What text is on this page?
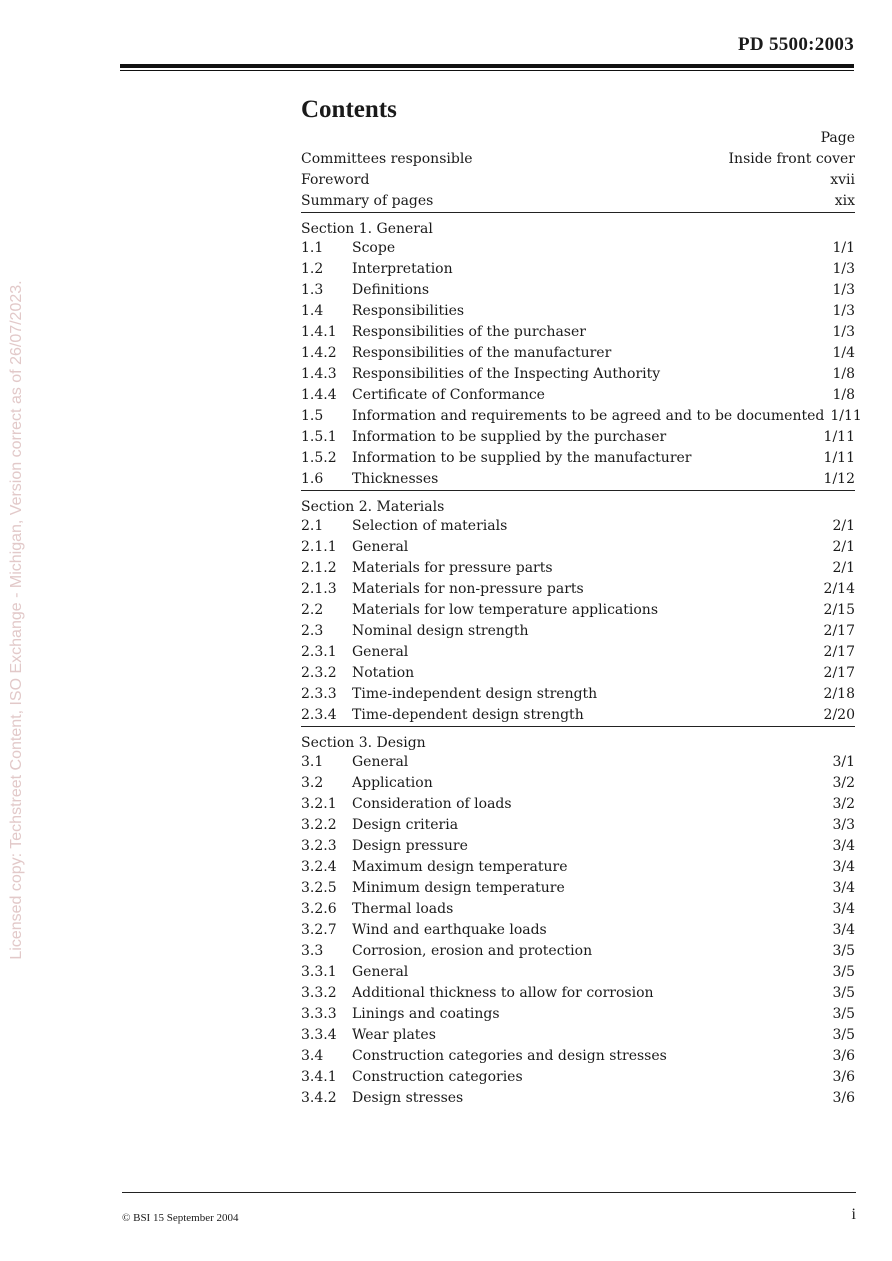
PD 5500:2003
Licensed copy: Techstreet Content, ISO Exchange - Michigan, Version correct as of 26/07/2023.
Contents
Page
Committees responsible	Inside front cover
Foreword	xvii
Summary of pages	xix
Section 1. General
1.1	Scope	1/1
1.2	Interpretation	1/3
1.3	Definitions	1/3
1.4	Responsibilities	1/3
1.4.1	Responsibilities of the purchaser	1/3
1.4.2	Responsibilities of the manufacturer	1/4
1.4.3	Responsibilities of the Inspecting Authority	1/8
1.4.4	Certificate of Conformance	1/8
1.5	Information and requirements to be agreed and to be documented 1/11
1.5.1	Information to be supplied by the purchaser	1/11
1.5.2	Information to be supplied by the manufacturer	1/11
1.6	Thicknesses	1/12
Section 2. Materials
2.1	Selection of materials	2/1
2.1.1	General	2/1
2.1.2	Materials for pressure parts	2/1
2.1.3	Materials for non-pressure parts	2/14
2.2	Materials for low temperature applications	2/15
2.3	Nominal design strength	2/17
2.3.1	General	2/17
2.3.2	Notation	2/17
2.3.3	Time-independent design strength	2/18
2.3.4	Time-dependent design strength	2/20
Section 3. Design
3.1	General	3/1
3.2	Application	3/2
3.2.1	Consideration of loads	3/2
3.2.2	Design criteria	3/3
3.2.3	Design pressure	3/4
3.2.4	Maximum design temperature	3/4
3.2.5	Minimum design temperature	3/4
3.2.6	Thermal loads	3/4
3.2.7	Wind and earthquake loads	3/4
3.3	Corrosion, erosion and protection	3/5
3.3.1	General	3/5
3.3.2	Additional thickness to allow for corrosion	3/5
3.3.3	Linings and coatings	3/5
3.3.4	Wear plates	3/5
3.4	Construction categories and design stresses	3/6
3.4.1	Construction categories	3/6
3.4.2	Design stresses	3/6
© BSI 15 September 2004	i
